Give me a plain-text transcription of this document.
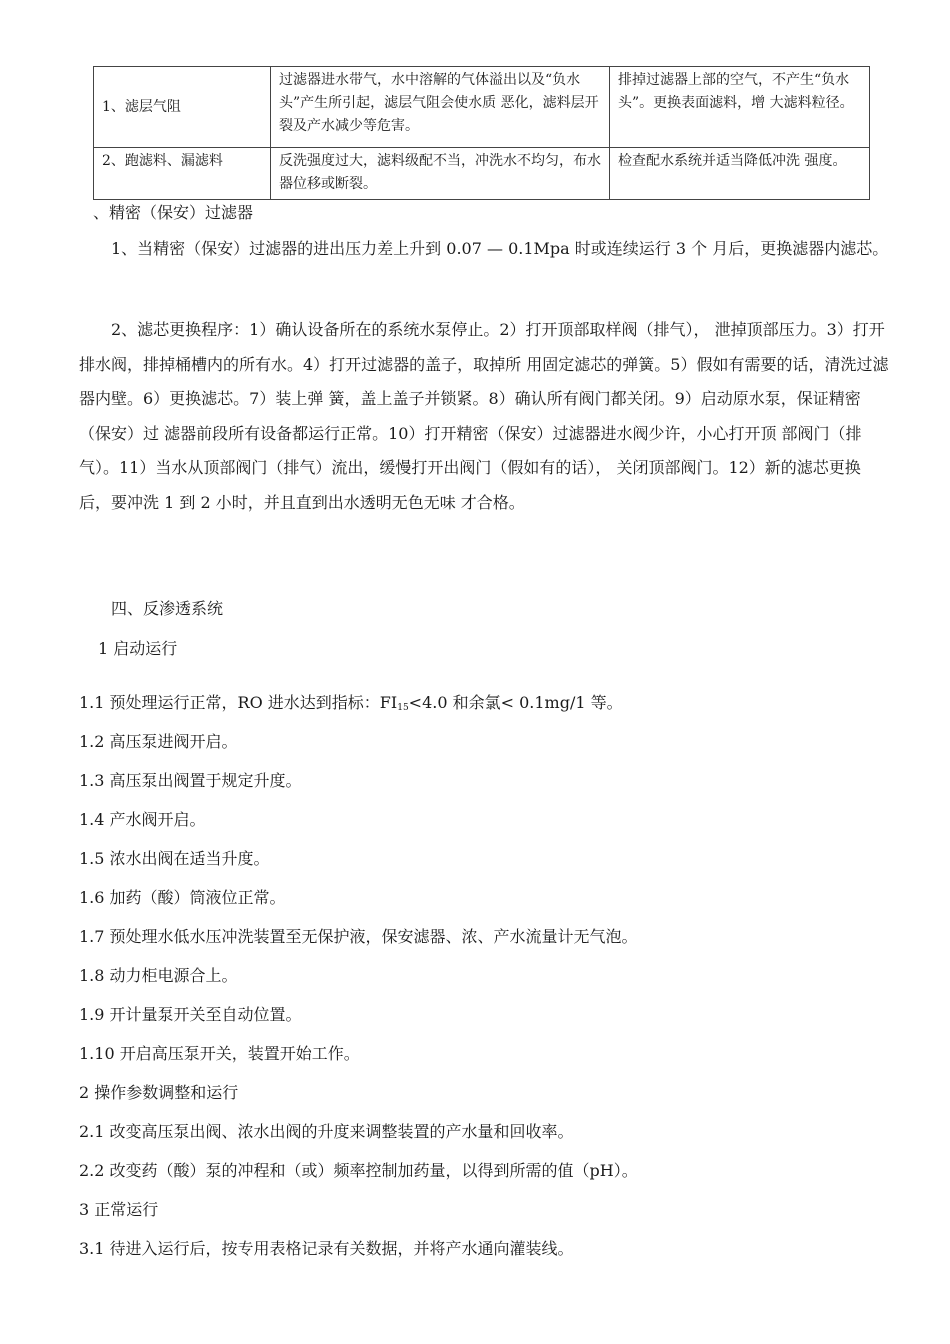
1、滤层气阻	过滤器进水带气，水中溶解的气体溢出以及“负水头”产生所引起，滤层气阻会使水质 恶化，滤料层开裂及产水减少等危害。	排掉过滤器上部的空气，不产生“负水头”。更换表面滤料，增 大滤料粒径。
2、跑滤料、漏滤料	反洗强度过大，滤料级配不当，冲洗水不均匀，布水器位移或断裂。	检查配水系统并适当降低冲洗 强度。
、精密（保安）过滤器
1、当精密（保安）过滤器的进出压力差上升到 0.07 — 0.1Mpa 时或连续运行 3 个 月后，更换滤器内滤芯。
2、滤芯更换程序：1）确认设备所在的系统水泵停止。2）打开顶部取样阀（排气）， 泄掉顶部压力。3）打开排水阀，排掉桶槽内的所有水。4）打开过滤器的盖子，取掉所 用固定滤芯的弹簧。5）假如有需要的话，清洗过滤器内壁。6）更换滤芯。7）装上弹 簧，盖上盖子并锁紧。8）确认所有阀门都关闭。9）启动原水泵，保证精密（保安）过 滤器前段所有设备都运行正常。10）打开精密（保安）过滤器进水阀少许，小心打开顶 部阀门（排气）。11）当水从顶部阀门（排气）流出，缓慢打开出阀门（假如有的话）， 关闭顶部阀门。12）新的滤芯更换后，要冲洗 1 到 2 小时，并且直到出水透明无色无味 才合格。
四、反渗透系统
1 启动运行
1.1 预处理运行正常，RO 进水达到指标：$FI_{15}<4.0$ 和余氯< 0.1mg/1 等。
1.2 高压泵进阀开启。
1.3 高压泵出阀置于规定升度。
1.4 产水阀开启。
1.5 浓水出阀在适当升度。
1.6 加药（酸）筒液位正常。
1.7 预处理水低水压冲洗装置至无保护液，保安滤器、浓、产水流量计无气泡。
1.8 动力柜电源合上。
1.9 开计量泵开关至自动位置。
1.10 开启高压泵开关，装置开始工作。
2 操作参数调整和运行
2.1 改变高压泵出阀、浓水出阀的升度来调整装置的产水量和回收率。
2.2 改变药（酸）泵的冲程和（或）频率控制加药量，以得到所需的值（pH）。
3 正常运行
3.1 待进入运行后，按专用表格记录有关数据，并将产水通向灌装线。
